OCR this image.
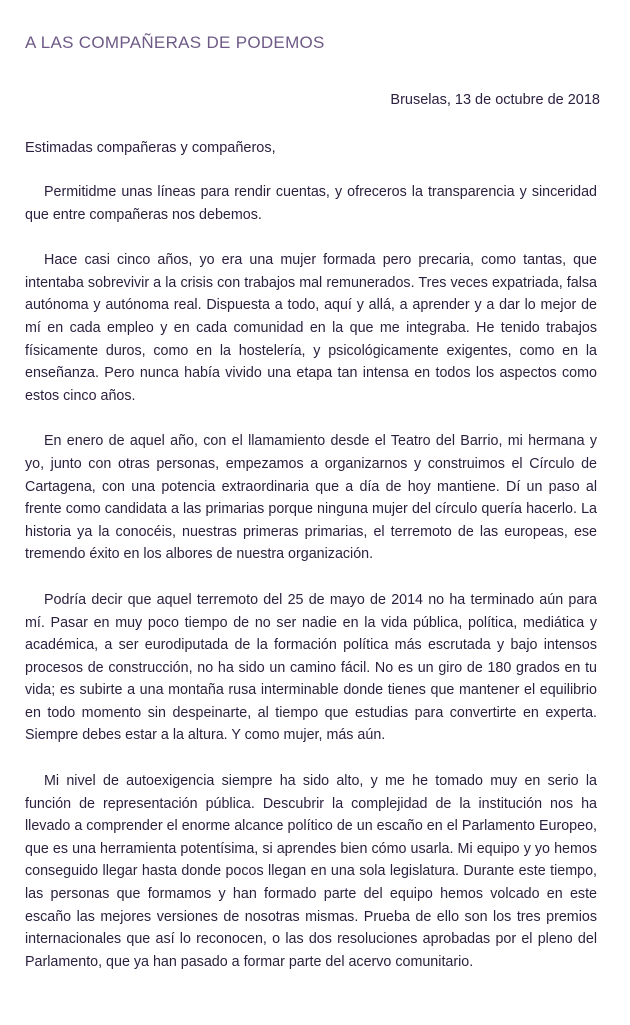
A LAS COMPAÑERAS DE PODEMOS

Bruselas, 13 de octubre de 2018

Estimadas compañeras y compañeros,

Permitidme unas líneas para rendir cuentas, y ofreceros la transparencia y sinceridad que entre compañeras nos debemos.

Hace casi cinco años, yo era una mujer formada pero precaria, como tantas, que intentaba sobrevivir a la crisis con trabajos mal remunerados. Tres veces expatriada, falsa autónoma y autónoma real. Dispuesta a todo, aquí y allá, a aprender y a dar lo mejor de mí en cada empleo y en cada comunidad en la que me integraba. He tenido trabajos físicamente duros, como en la hostelería, y psicológicamente exigentes, como en la enseñanza. Pero nunca había vivido una etapa tan intensa en todos los aspectos como estos cinco años.

En enero de aquel año, con el llamamiento desde el Teatro del Barrio, mi hermana y yo, junto con otras personas, empezamos a organizarnos y construimos el Círculo de Cartagena, con una potencia extraordinaria que a día de hoy mantiene. Dí un paso al frente como candidata a las primarias porque ninguna mujer del círculo quería hacerlo. La historia ya la conocéis, nuestras primeras primarias, el terremoto de las europeas, ese tremendo éxito en los albores de nuestra organización.

Podría decir que aquel terremoto del 25 de mayo de 2014 no ha terminado aún para mí. Pasar en muy poco tiempo de no ser nadie en la vida pública, política, mediática y académica, a ser eurodiputada de la formación política más escrutada y bajo intensos procesos de construcción, no ha sido un camino fácil. No es un giro de 180 grados en tu vida; es subirte a una montaña rusa interminable donde tienes que mantener el equilibrio en todo momento sin despeinarte, al tiempo que estudias para convertirte en experta. Siempre debes estar a la altura. Y como mujer, más aún.

Mi nivel de autoexigencia siempre ha sido alto, y me he tomado muy en serio la función de representación pública. Descubrir la complejidad de la institución nos ha llevado a comprender el enorme alcance político de un escaño en el Parlamento Europeo, que es una herramienta potentísima, si aprendes bien cómo usarla. Mi equipo y yo hemos conseguido llegar hasta donde pocos llegan en una sola legislatura. Durante este tiempo, las personas que formamos y han formado parte del equipo hemos volcado en este escaño las mejores versiones de nosotras mismas. Prueba de ello son los tres premios internacionales que así lo reconocen, o las dos resoluciones aprobadas por el pleno del Parlamento, que ya han pasado a formar parte del acervo comunitario.
